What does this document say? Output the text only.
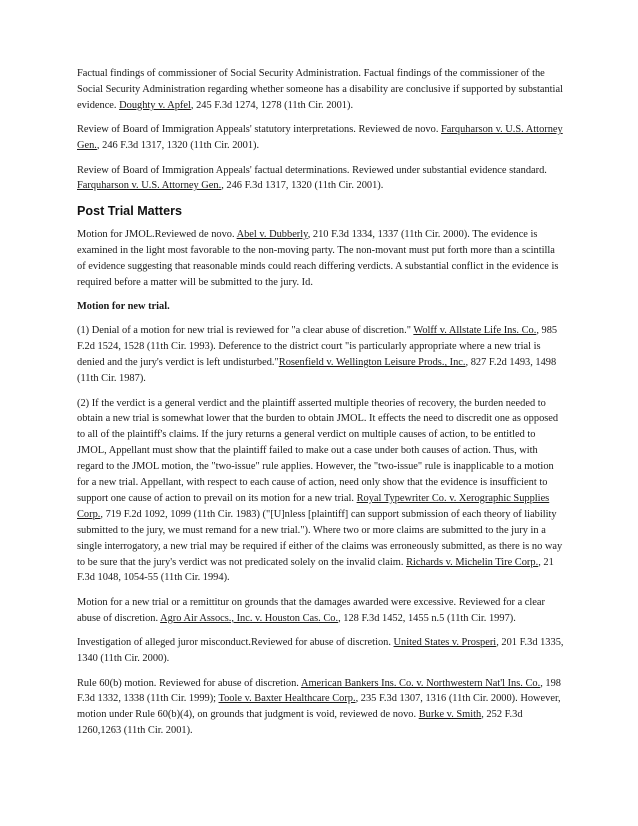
Factual findings of commissioner of Social Security Administration. Factual findings of the commissioner of the Social Security Administration regarding whether someone has a disability are conclusive if supported by substantial evidence. Doughty v. Apfel, 245 F.3d 1274, 1278 (11th Cir. 2001).

Review of Board of Immigration Appeals' statutory interpretations. Reviewed de novo. Farquharson v. U.S. Attorney Gen., 246 F.3d 1317, 1320 (11th Cir. 2001).

Review of Board of Immigration Appeals' factual determinations. Reviewed under substantial evidence standard. Farquharson v. U.S. Attorney Gen., 246 F.3d 1317, 1320 (11th Cir. 2001).

Post Trial Matters

Motion for JMOL.Reviewed de novo. Abel v. Dubberly, 210 F.3d 1334, 1337 (11th Cir. 2000). The evidence is examined in the light most favorable to the non-moving party. The non-movant must put forth more than a scintilla of evidence suggesting that reasonable minds could reach differing verdicts. A substantial conflict in the evidence is required before a matter will be submitted to the jury. Id.

Motion for new trial.

(1) Denial of a motion for new trial is reviewed for "a clear abuse of discretion." Wolff v. Allstate Life Ins. Co., 985 F.2d 1524, 1528 (11th Cir. 1993). Deference to the district court "is particularly appropriate where a new trial is denied and the jury's verdict is left undisturbed."Rosenfield v. Wellington Leisure Prods., Inc., 827 F.2d 1493, 1498 (11th Cir. 1987).

(2) If the verdict is a general verdict and the plaintiff asserted multiple theories of recovery, the burden needed to obtain a new trial is somewhat lower that the burden to obtain JMOL. It effects the need to discredit one as opposed to all of the plaintiff's claims. If the jury returns a general verdict on multiple causes of action, to be entitled to JMOL, Appellant must show that the plaintiff failed to make out a case under both causes of action. Thus, with regard to the JMOL motion, the "two-issue" rule applies. However, the "two-issue" rule is inapplicable to a motion for a new trial. Appellant, with respect to each cause of action, need only show that the evidence is insufficient to support one cause of action to prevail on its motion for a new trial. Royal Typewriter Co. v. Xerographic Supplies Corp., 719 F.2d 1092, 1099 (11th Cir. 1983) ("[U]nless [plaintiff] can support submission of each theory of liability submitted to the jury, we must remand for a new trial."). Where two or more claims are submitted to the jury in a single interrogatory, a new trial may be required if either of the claims was erroneously submitted, as there is no way to be sure that the jury's verdict was not predicated solely on the invalid claim. Richards v. Michelin Tire Corp., 21 F.3d 1048, 1054-55 (11th Cir. 1994).

Motion for a new trial or a remittitur on grounds that the damages awarded were excessive. Reviewed for a clear abuse of discretion. Agro Air Assocs., Inc. v. Houston Cas. Co., 128 F.3d 1452, 1455 n.5 (11th Cir. 1997).

Investigation of alleged juror misconduct.Reviewed for abuse of discretion. United States v. Prosperi, 201 F.3d 1335, 1340 (11th Cir. 2000).

Rule 60(b) motion. Reviewed for abuse of discretion. American Bankers Ins. Co. v. Northwestern Nat'l Ins. Co., 198 F.3d 1332, 1338 (11th Cir. 1999); Toole v. Baxter Healthcare Corp., 235 F.3d 1307, 1316 (11th Cir. 2000). However, motion under Rule 60(b)(4), on grounds that judgment is void, reviewed de novo. Burke v. Smith, 252 F.3d 1260,1263 (11th Cir. 2001).
